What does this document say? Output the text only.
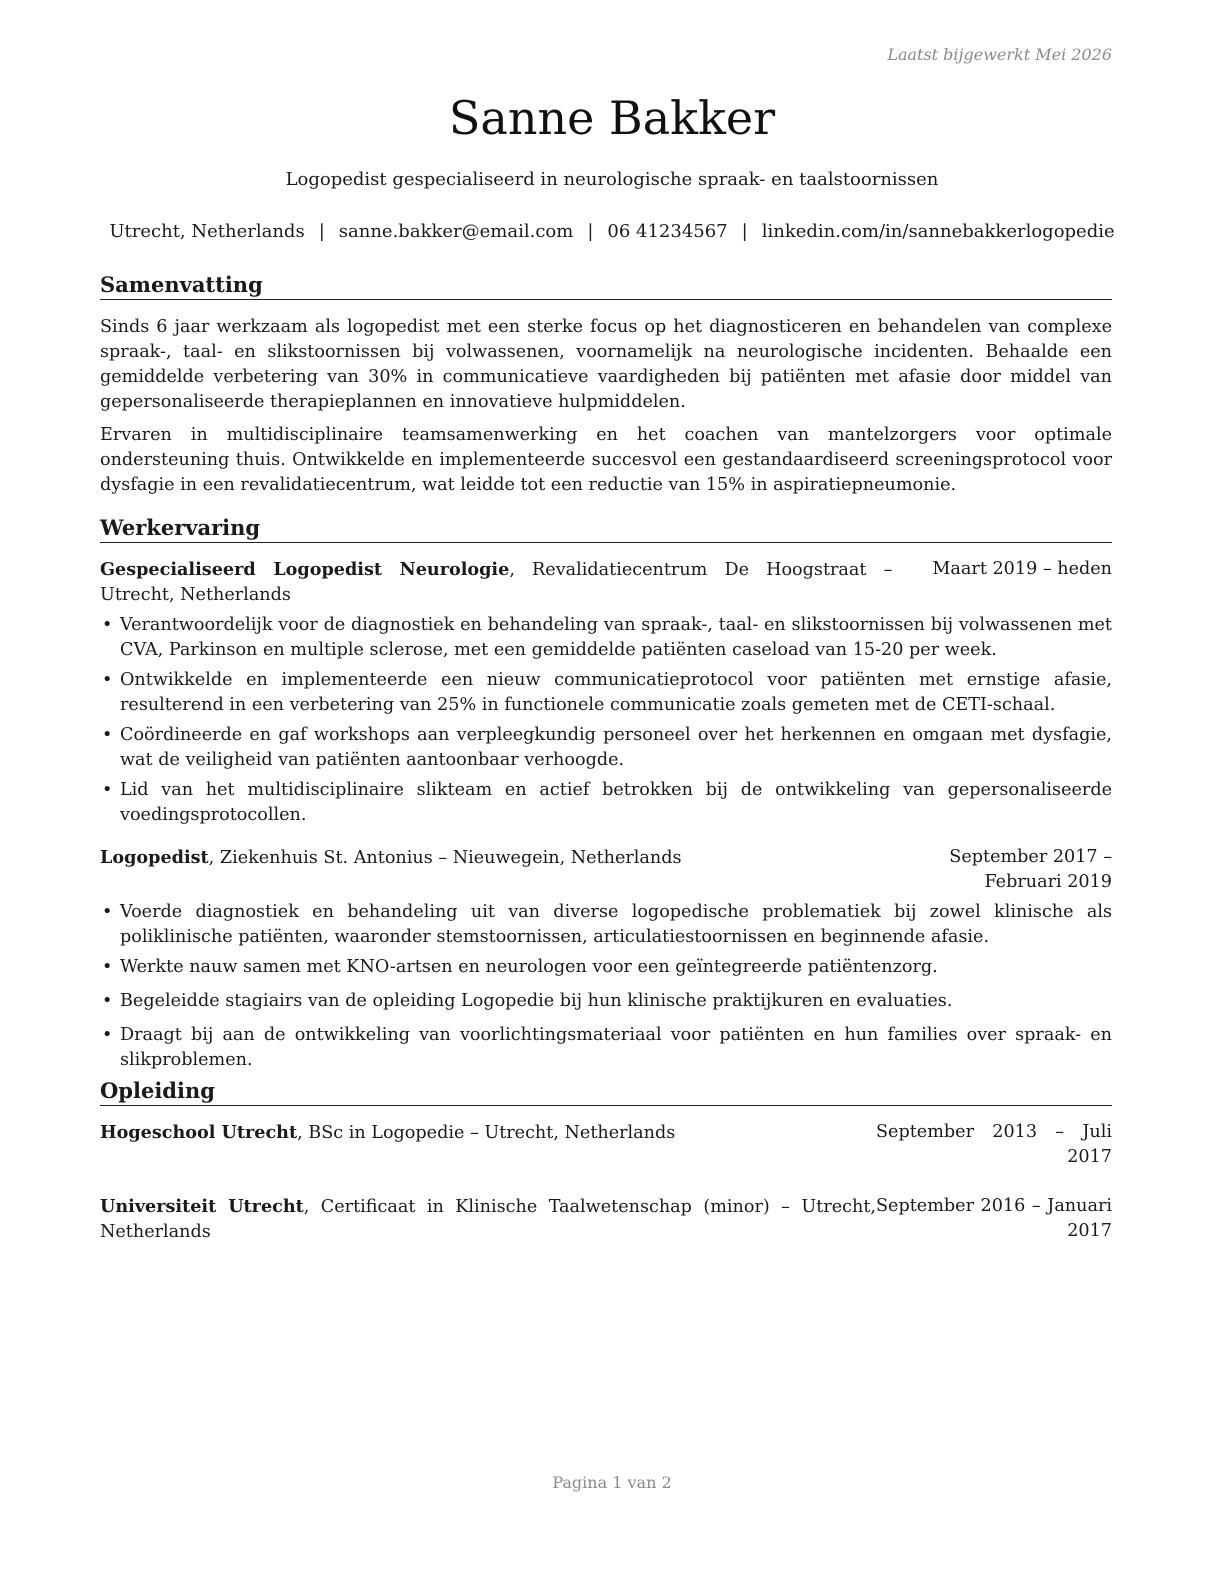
Laatst bijgewerkt Mei 2026
Sanne Bakker
Logopedist gespecialiseerd in neurologische spraak- en taalstoornissen
Utrecht, Netherlands | sanne.bakker@email.com | 06 41234567 | linkedin.com/in/sannebakkerlogopedie
Samenvatting

Sinds 6 jaar werkzaam als logopedist met een sterke focus op het diagnosticeren en behandelen van complexe spraak-, taal- en slikstoornissen bij volwassenen, voornamelijk na neurologische incidenten. Behaalde een gemiddelde verbetering van 30% in communicatieve vaardigheden bij patiënten met afasie door middel van gepersonaliseerde therapieplannen en innovatieve hulpmiddelen.

Ervaren in multidisciplinaire teamsamenwerking en het coachen van mantelzorgers voor optimale ondersteuning thuis. Ontwikkelde en implementeerde succesvol een gestandaardiseerd screeningsprotocol voor dysfagie in een revalidatiecentrum, wat leidde tot een reductie van 15% in aspiratiepneumonie.

Werkervaring
Gespecialiseerd Logopedist Neurologie, Revalidatiecentrum De Hoogstraat – Utrecht, Netherlands
Maart 2019 – heden
• Verantwoordelijk voor de diagnostiek en behandeling van spraak-, taal- en slikstoornissen bij volwassenen met CVA, Parkinson en multiple sclerose, met een gemiddelde patiënten caseload van 15-20 per week.
• Ontwikkelde en implementeerde een nieuw communicatieprotocol voor patiënten met ernstige afasie, resulterend in een verbetering van 25% in functionele communicatie zoals gemeten met de CETI-schaal.
• Coördineerde en gaf workshops aan verpleegkundig personeel over het herkennen en omgaan met dysfagie, wat de veiligheid van patiënten aantoonbaar verhoogde.
• Lid van het multidisciplinaire slikteam en actief betrokken bij de ontwikkeling van gepersonaliseerde voedingsprotocollen.
Logopedist, Ziekenhuis St. Antonius – Nieuwegein, Netherlands	September 2017 – Februari 2019
• Voerde diagnostiek en behandeling uit van diverse logopedische problematiek bij zowel klinische als poliklinische patiënten, waaronder stemstoornissen, articulatiestoornissen en beginnende afasie.
• Werkte nauw samen met KNO-artsen en neurologen voor een geïntegreerde patiëntenzorg.
• Begeleidde stagiairs van de opleiding Logopedie bij hun klinische praktijkuren en evaluaties.
• Draagt bij aan de ontwikkeling van voorlichtingsmateriaal voor patiënten en hun families over spraak- en slikproblemen.
Opleiding
Hogeschool Utrecht, BSc in Logopedie – Utrecht, Netherlands	September 2013 – Juli 2017
Universiteit Utrecht, Certificaat in Klinische Taalwetenschap (minor) – Utrecht, Netherlands
September 2016 – Januari 2017
Pagina 1 van 2
